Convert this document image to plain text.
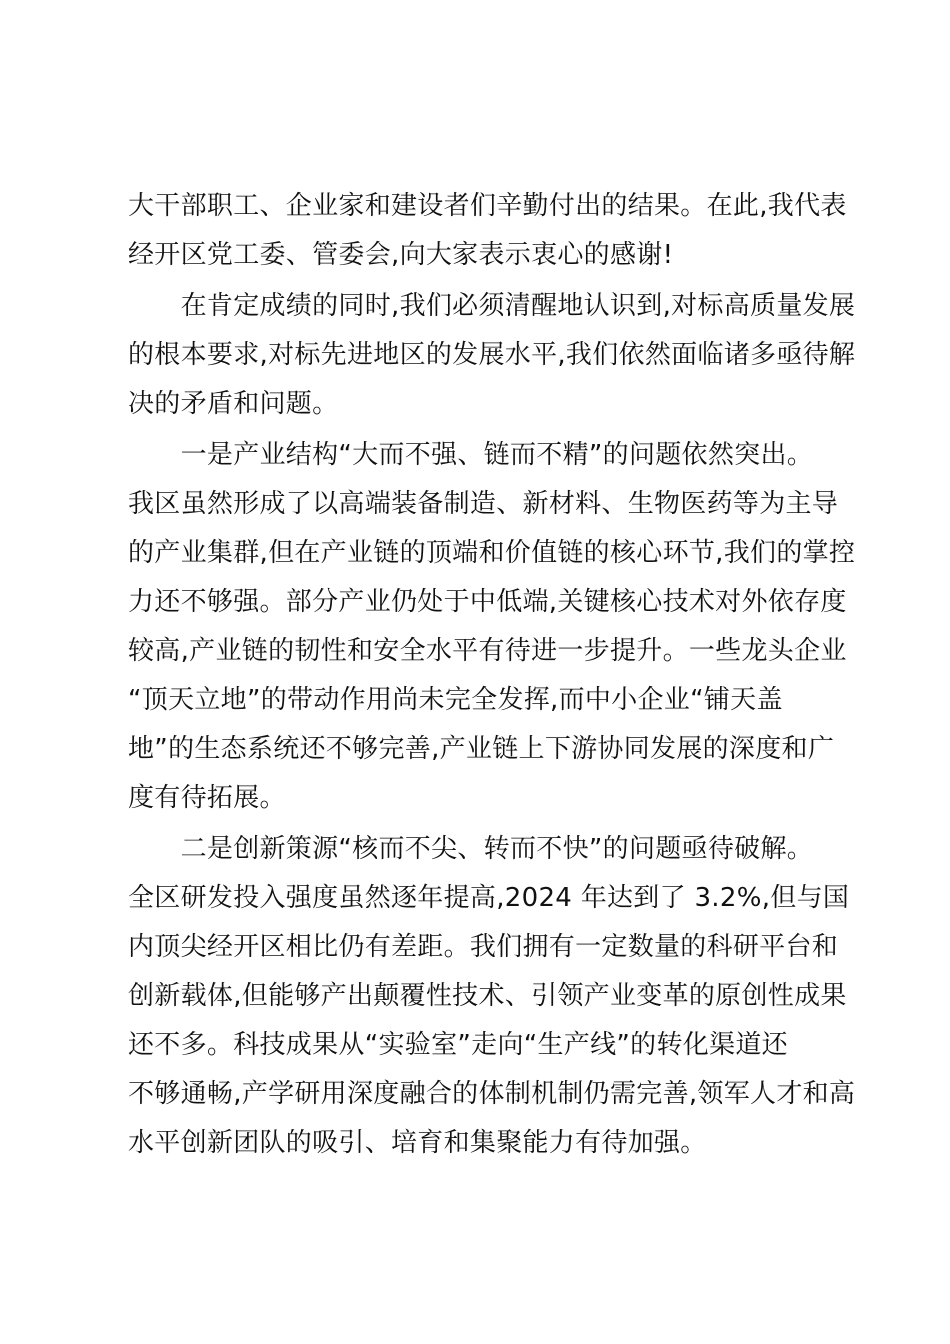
大干部职工、企业家和建设者们辛勤付出的结果。在此,我代表
经开区党工委、管委会,向大家表示衷心的感谢!
　　在肯定成绩的同时,我们必须清醒地认识到,对标高质量发展
的根本要求,对标先进地区的发展水平,我们依然面临诸多亟待解
决的矛盾和问题。
　　一是产业结构“大而不强、链而不精”的问题依然突出。
我区虽然形成了以高端装备制造、新材料、生物医药等为主导
的产业集群,但在产业链的顶端和价值链的核心环节,我们的掌控
力还不够强。部分产业仍处于中低端,关键核心技术对外依存度
较高,产业链的韧性和安全水平有待进一步提升。一些龙头企业
“顶天立地”的带动作用尚未完全发挥,而中小企业“铺天盖
地”的生态系统还不够完善,产业链上下游协同发展的深度和广
度有待拓展。
　　二是创新策源“核而不尖、转而不快”的问题亟待破解。
全区研发投入强度虽然逐年提高,2024 年达到了 3.2%,但与国
内顶尖经开区相比仍有差距。我们拥有一定数量的科研平台和
创新载体,但能够产出颠覆性技术、引领产业变革的原创性成果
还不多。科技成果从“实验室”走向“生产线”的转化渠道还
不够通畅,产学研用深度融合的体制机制仍需完善,领军人才和高
水平创新团队的吸引、培育和集聚能力有待加强。
